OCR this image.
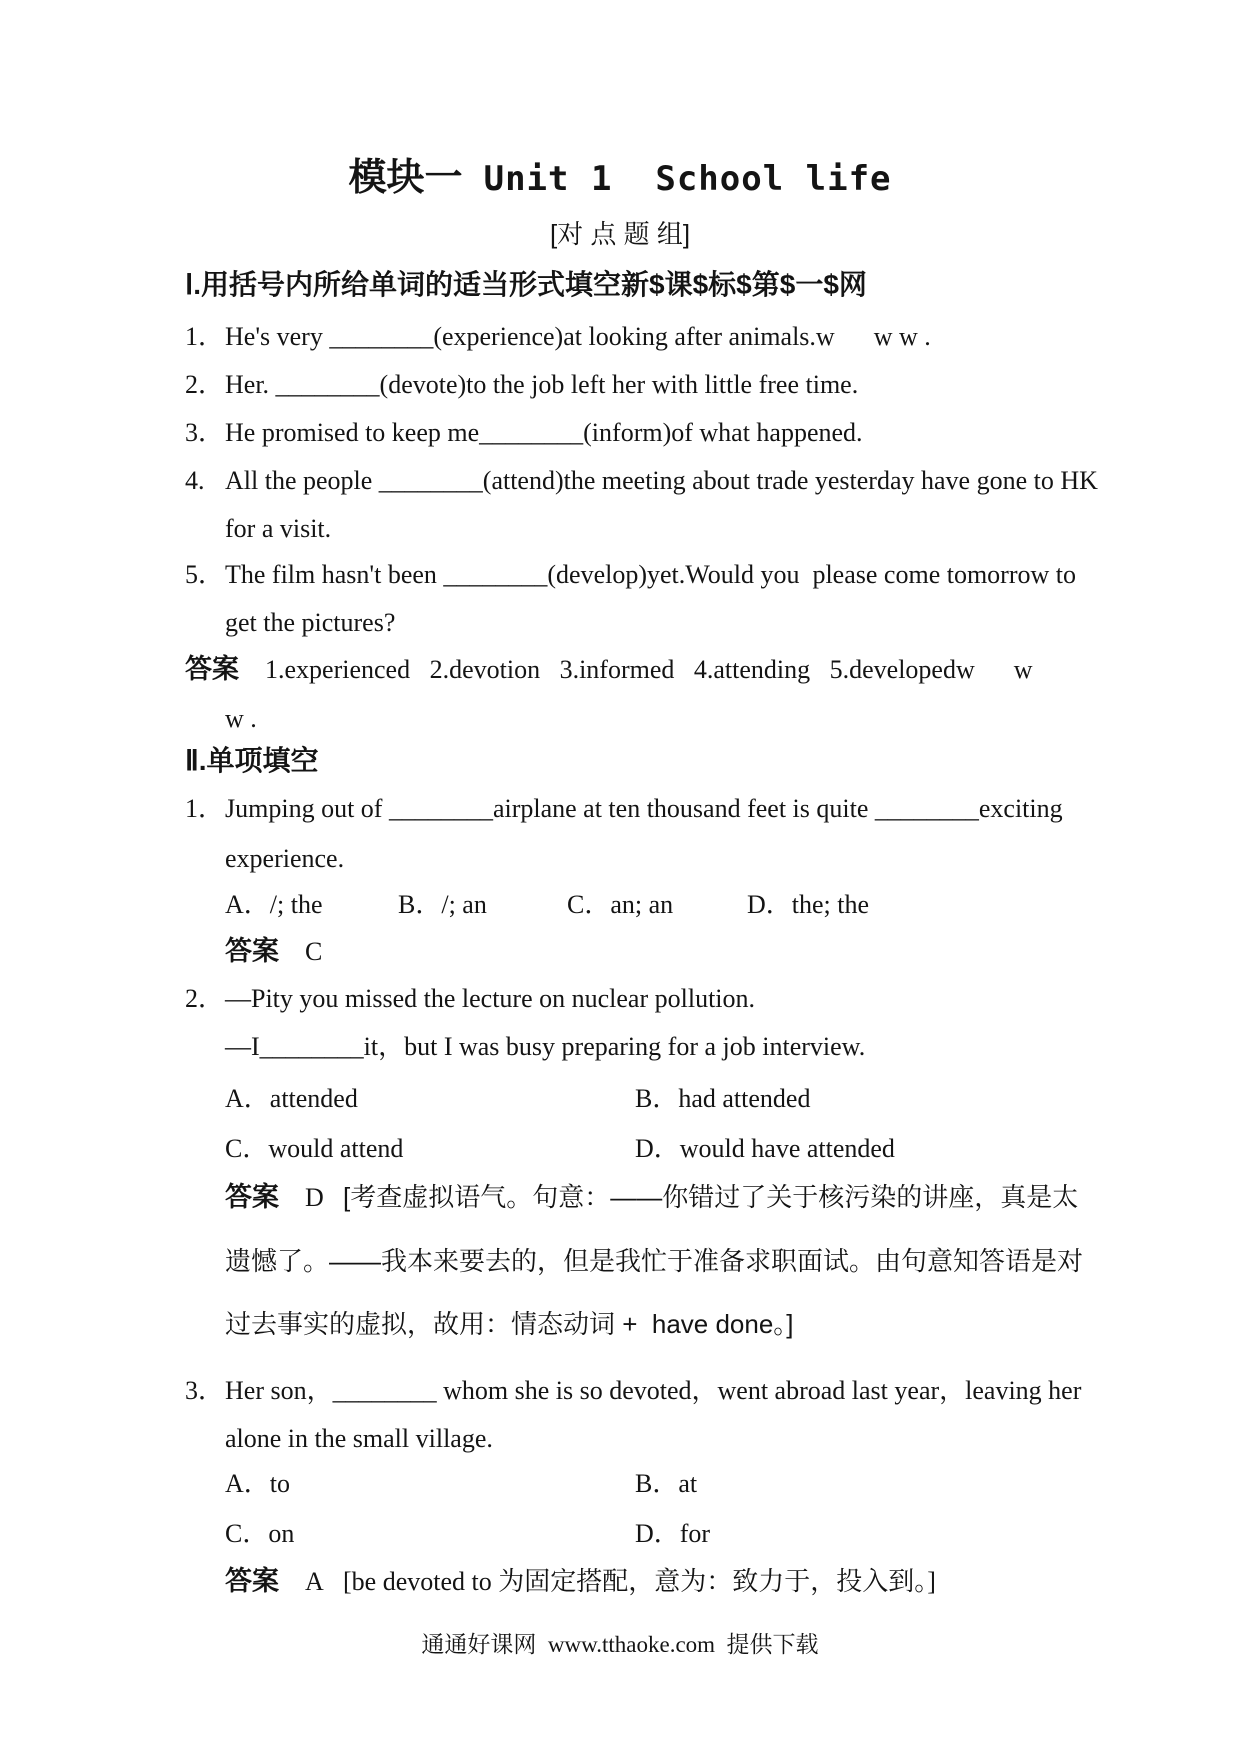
模块一 Unit 1  School life
[对 点 题 组]
Ⅰ.用括号内所给单词的适当形式填空新$课$标$第$一$网
1．He's very ________(experience)at looking after animals.w      w w .
2．Her. ________(devote)to the job left her with little free time.
3．He promised to keep me________(inform)of what happened.
4. All the people ________(attend)the meeting about trade yesterday have gone to HK
for a visit.
5．The film hasn't been ________(develop)yet.Would you  please come tomorrow to
get the pictures?
答案 1.experienced   2.devotion   3.informed   4.attending   5.developedw      w
w .
Ⅱ.单项填空
1．Jumping out of ________airplane at ten thousand feet is quite ________exciting
experience.
A．/; the	B．/; an	C．an; an	D．the; the
答案 C
2．—Pity you missed the lecture on nuclear pollution.
—I________it，but I was busy preparing for a job interview.
A．attended	B．had attended
C．would attend	D．would have attended
答案 D [考查虚拟语气。句意：——你错过了关于核污染的讲座，真是太
遗憾了。——我本来要去的，但是我忙于准备求职面试。由句意知答语是对
过去事实的虚拟，故用：情态动词 +  have done。]
3．Her son，________ whom she is so devoted，went abroad last year，leaving her
alone in the small village.
A．to	B．at
C．on	D．for
答案 A [be devoted to 为固定搭配，意为：致力于，投入到。]
通通好课网  www.tthaoke.com  提供下载
